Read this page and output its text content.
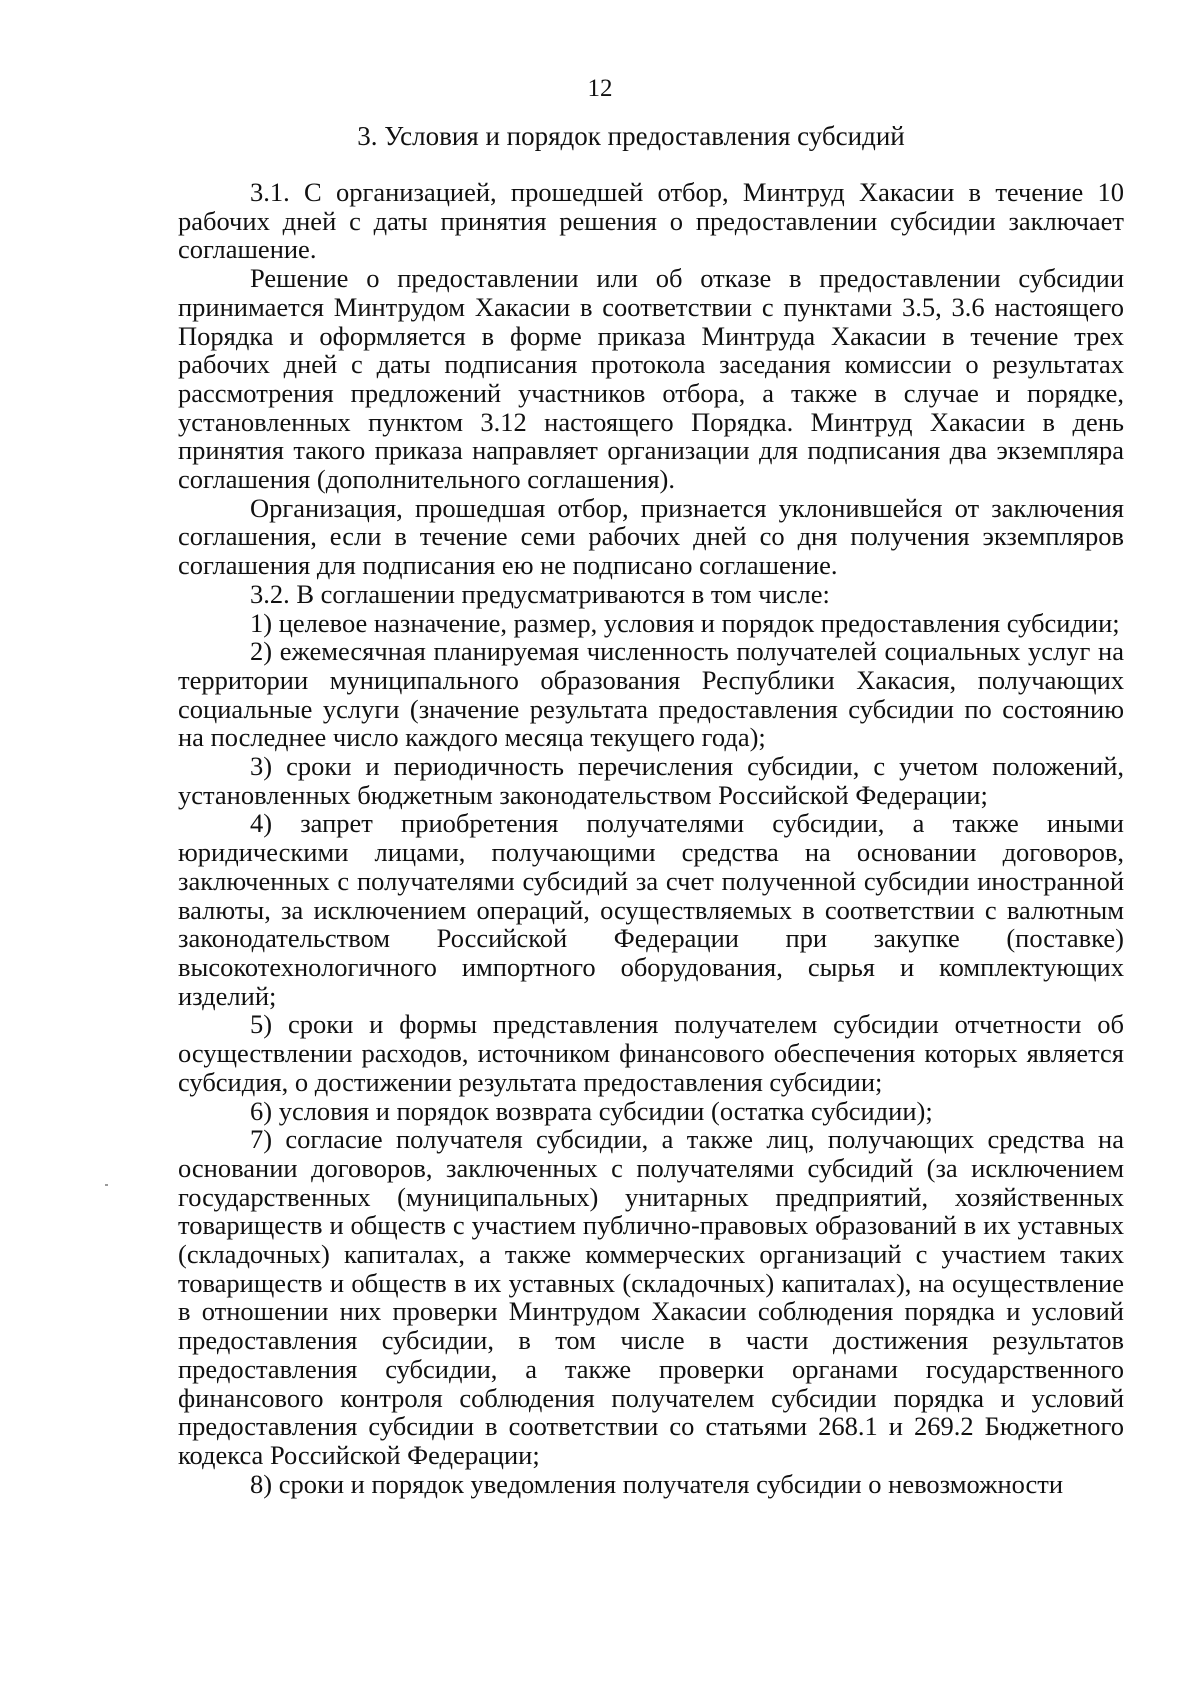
12
3. Условия и порядок предоставления субсидий

3.1. С организацией, прошедшей отбор, Минтруд Хакасии в течение 10 рабочих дней с даты принятия решения о предоставлении субсидии заключает соглашение.

Решение о предоставлении или об отказе в предоставлении субсидии принимается Минтрудом Хакасии в соответствии с пунктами 3.5, 3.6 настоящего Порядка и оформляется в форме приказа Минтруда Хакасии в течение трех рабочих дней с даты подписания протокола заседания комиссии о результатах рассмотрения предложений участников отбора, а также в случае и порядке, установленных пунктом 3.12 настоящего Порядка. Минтруд Хакасии в день принятия такого приказа направляет организации для подписания два экземпляра соглашения (дополнительного соглашения).

Организация, прошедшая отбор, признается уклонившейся от заключения соглашения, если в течение семи рабочих дней со дня получения экземпляров соглашения для подписания ею не подписано соглашение.

3.2. В соглашении предусматриваются в том числе:

1) целевое назначение, размер, условия и порядок предоставления субсидии;

2) ежемесячная планируемая численность получателей социальных услуг на территории муниципального образования Республики Хакасия, получающих социальные услуги (значение результата предоставления субсидии по состоянию на последнее число каждого месяца текущего года);

3) сроки и периодичность перечисления субсидии, с учетом положений, установленных бюджетным законодательством Российской Федерации;

4) запрет приобретения получателями субсидии, а также иными юридическими лицами, получающими средства на основании договоров, заключенных с получателями субсидий за счет полученной субсидии иностранной валюты, за исключением операций, осуществляемых в соответствии с валютным законодательством Российской Федерации при закупке (поставке) высокотехнологичного импортного оборудования, сырья и комплектующих изделий;

5) сроки и формы представления получателем субсидии отчетности об осуществлении расходов, источником финансового обеспечения которых является субсидия, о достижении результата предоставления субсидии;

6) условия и порядок возврата субсидии (остатка субсидии);

7) согласие получателя субсидии, а также лиц, получающих средства на основании договоров, заключенных с получателями субсидий (за исключением государственных (муниципальных) унитарных предприятий, хозяйственных товариществ и обществ с участием публично-правовых образований в их уставных (складочных) капиталах, а также коммерческих организаций с участием таких товариществ и обществ в их уставных (складочных) капиталах), на осуществление в отношении них проверки Минтрудом Хакасии соблюдения порядка и условий предоставления субсидии, в том числе в части достижения результатов предоставления субсидии, а также проверки органами государственного финансового контроля соблюдения получателем субсидии порядка и условий предоставления субсидии в соответствии со статьями 268.1 и 269.2 Бюджетного кодекса Российской Федерации;

8) сроки и порядок уведомления получателя субсидии о невозможности
